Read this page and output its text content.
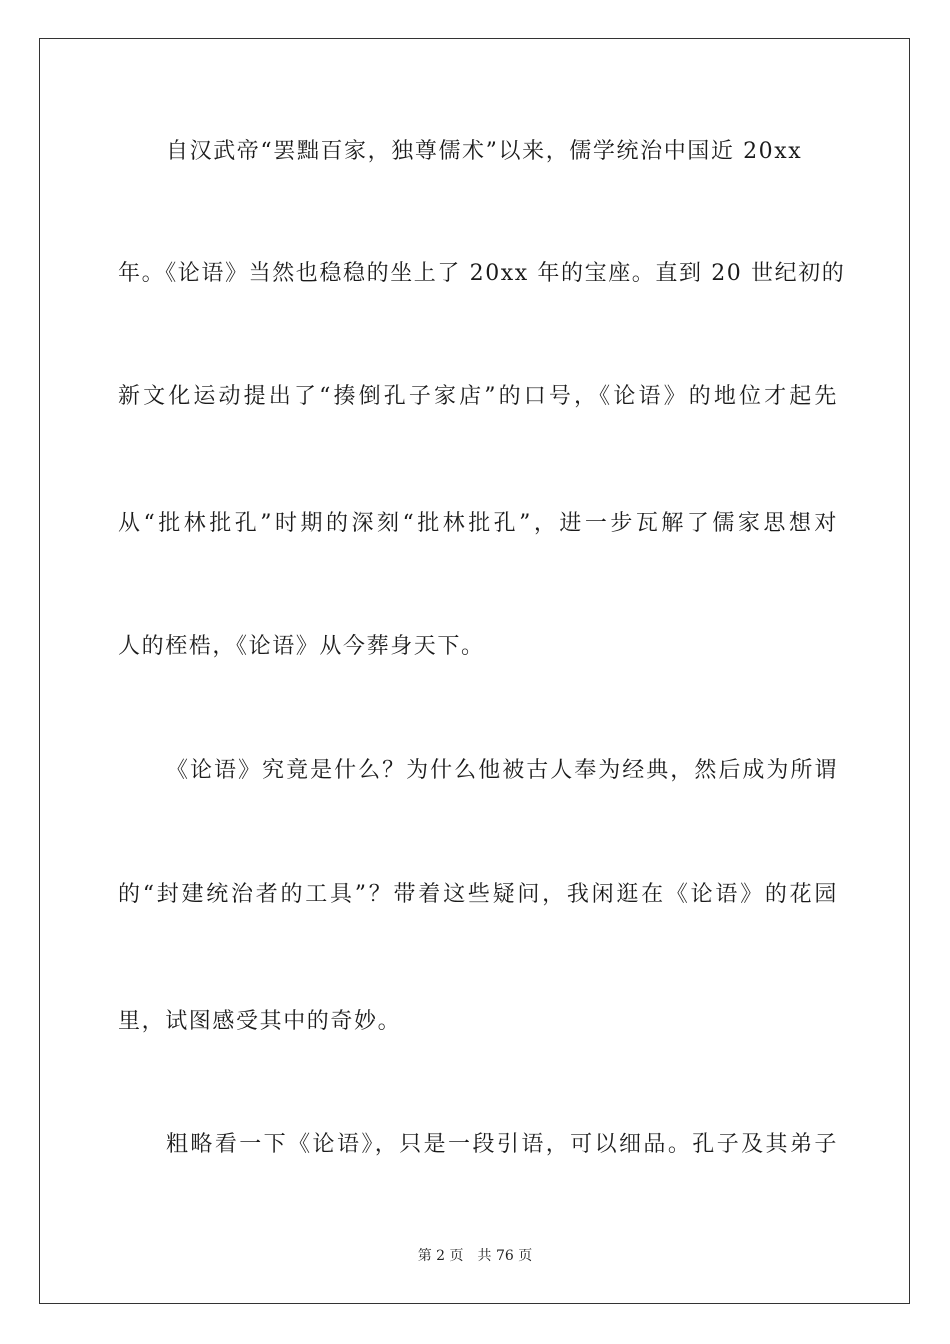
自汉武帝“罢黜百家，独尊儒术”以来，儒学统治中国近 20xx
年。《论语》当然也稳稳的坐上了 20xx 年的宝座。直到 20 世纪初的
新文化运动提出了“揍倒孔子家店”的口号，《论语》的地位才起先
从“批林批孔”时期的深刻“批林批孔”，进一步瓦解了儒家思想对
人的桎梏，《论语》从今葬身天下。
《论语》究竟是什么？为什么他被古人奉为经典，然后成为所谓
的“封建统治者的工具”？带着这些疑问，我闲逛在《论语》的花园
里，试图感受其中的奇妙。
粗略看一下《论语》，只是一段引语，可以细品。孔子及其弟子
第 2 页 共 76 页
